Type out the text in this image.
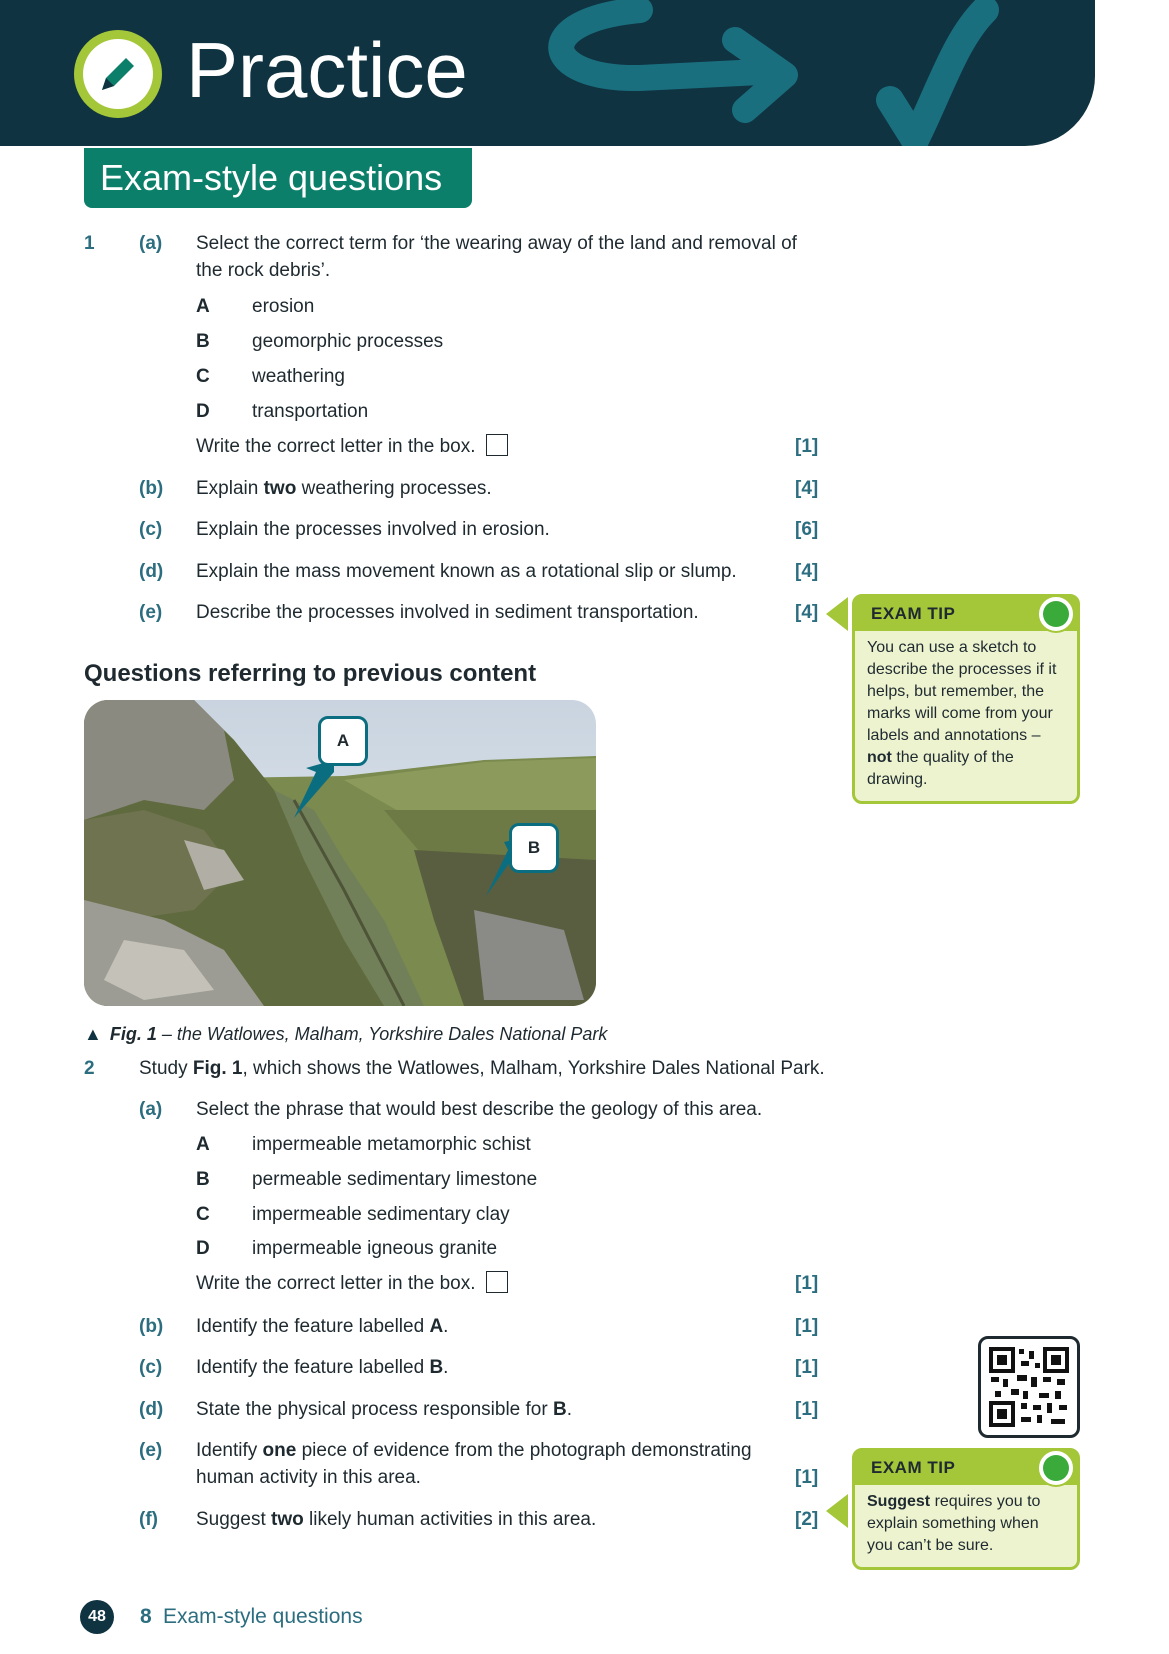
Practice
Exam-style questions
1 (a) Select the correct term for ‘the wearing away of the land and removal of the rock debris’.
A erosion
B geomorphic processes
C weathering
D transportation
Write the correct letter in the box.	[1]
(b) Explain two weathering processes.	[4]
(c) Explain the processes involved in erosion.	[6]
(d) Explain the mass movement known as a rotational slip or slump.	[4]
(e) Describe the processes involved in sediment transportation.	[4]	EXAM TIP
You can use a sketch to describe the processes if it helps, but remember, the marks will come from your labels and annotations – not the quality of the drawing.
Questions referring to previous content
A
B
▲ Fig. 1 – the Watlowes, Malham, Yorkshire Dales National Park
2 Study Fig. 1, which shows the Watlowes, Malham, Yorkshire Dales National Park.
(a) Select the phrase that would best describe the geology of this area.
A impermeable metamorphic schist
B permeable sedimentary limestone
C impermeable sedimentary clay
D impermeable igneous granite
Write the correct letter in the box.	[1]
(b) Identify the feature labelled A.	[1]
(c) Identify the feature labelled B.	[1]
(d) State the physical process responsible for B.	[1]
(e) Identify one piece of evidence from the photograph demonstrating human activity in this area.	[1]
(f) Suggest two likely human activities in this area.	[2]
EXAM TIP
Suggest requires you to explain something when you can’t be sure.
48	8 Exam-style questions
